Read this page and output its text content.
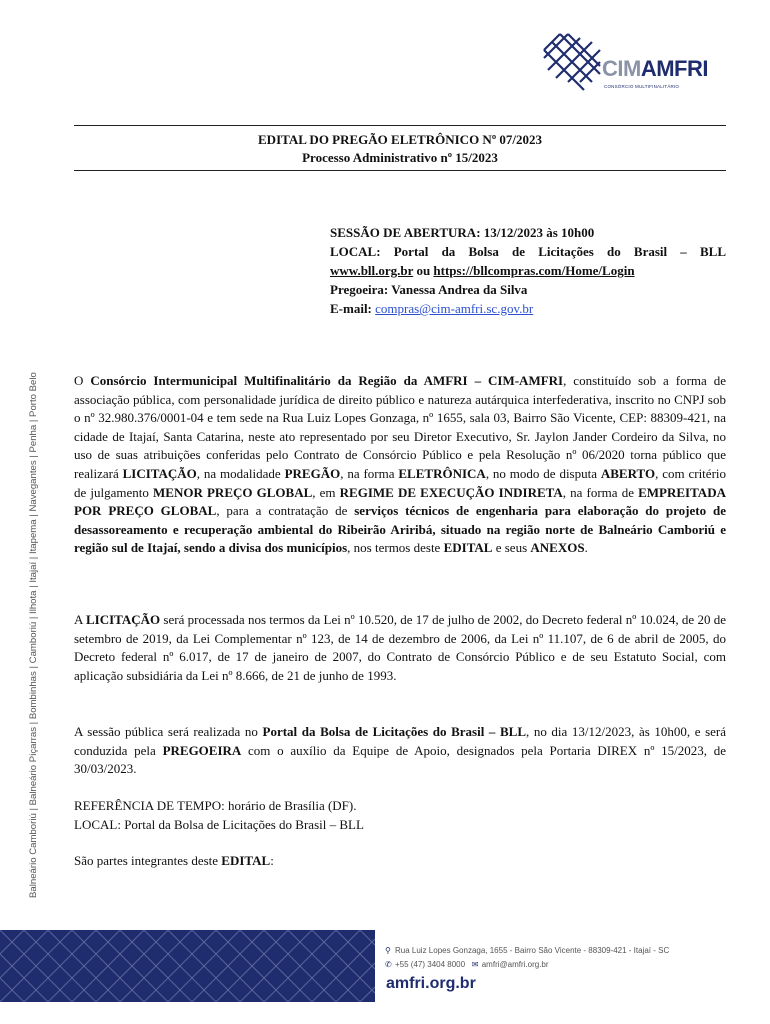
CIMAMFRI
CONSÓRCIO MULTIFINALITÁRIO
EDITAL DO PREGÃO ELETRÔNICO Nº 07/2023
Processo Administrativo nº 15/2023
Balneário Camboriú | Balneário Piçarras | Bombinhas | Camboriú | Ilhota | Itajaí | Itapema | Navegantes | Penha | Porto Belo
SESSÃO DE ABERTURA: 13/12/2023 às 10h00
LOCAL: Portal da Bolsa de Licitações do Brasil – BLL
www.bll.org.br ou https://bllcompras.com/Home/Login
Pregoeira: Vanessa Andrea da Silva
E-mail: compras@cim-amfri.sc.gov.br
O Consórcio Intermunicipal Multifinalitário da Região da AMFRI – CIM-AMFRI, constituído sob a forma de associação pública, com personalidade jurídica de direito público e natureza autárquica interfederativa, inscrito no CNPJ sob o nº 32.980.376/0001-04 e tem sede na Rua Luiz Lopes Gonzaga, nº 1655, sala 03, Bairro São Vicente, CEP: 88309-421, na cidade de Itajaí, Santa Catarina, neste ato representado por seu Diretor Executivo, Sr. Jaylon Jander Cordeiro da Silva, no uso de suas atribuições conferidas pelo Contrato de Consórcio Público e pela Resolução nº 06/2020 torna público que realizará LICITAÇÃO, na modalidade PREGÃO, na forma ELETRÔNICA, no modo de disputa ABERTO, com critério de julgamento MENOR PREÇO GLOBAL, em REGIME DE EXECUÇÃO INDIRETA, na forma de EMPREITADA POR PREÇO GLOBAL, para a contratação de serviços técnicos de engenharia para elaboração do projeto de desassoreamento e recuperação ambiental do Ribeirão Ariribá, situado na região norte de Balneário Camboriú e região sul de Itajaí, sendo a divisa dos municípios, nos termos deste EDITAL e seus ANEXOS.
A LICITAÇÃO será processada nos termos da Lei nº 10.520, de 17 de julho de 2002, do Decreto federal nº 10.024, de 20 de setembro de 2019, da Lei Complementar nº 123, de 14 de dezembro de 2006, da Lei nº 11.107, de 6 de abril de 2005, do Decreto federal nº 6.017, de 17 de janeiro de 2007, do Contrato de Consórcio Público e de seu Estatuto Social, com aplicação subsidiária da Lei nº 8.666, de 21 de junho de 1993.
A sessão pública será realizada no Portal da Bolsa de Licitações do Brasil – BLL, no dia 13/12/2023, às 10h00, e será conduzida pela PREGOEIRA com o auxílio da Equipe de Apoio, designados pela Portaria DIREX nº 15/2023, de 30/03/2023.
REFERÊNCIA DE TEMPO: horário de Brasília (DF).
LOCAL: Portal da Bolsa de Licitações do Brasil – BLL
São partes integrantes deste EDITAL:
⚲ Rua Luiz Lopes Gonzaga, 1655 - Bairro São Vicente - 88309-421 - Itajaí - SC
✆ +55 (47) 3404 8000 ✉ amfri@amfri.org.br
amfri.org.br
